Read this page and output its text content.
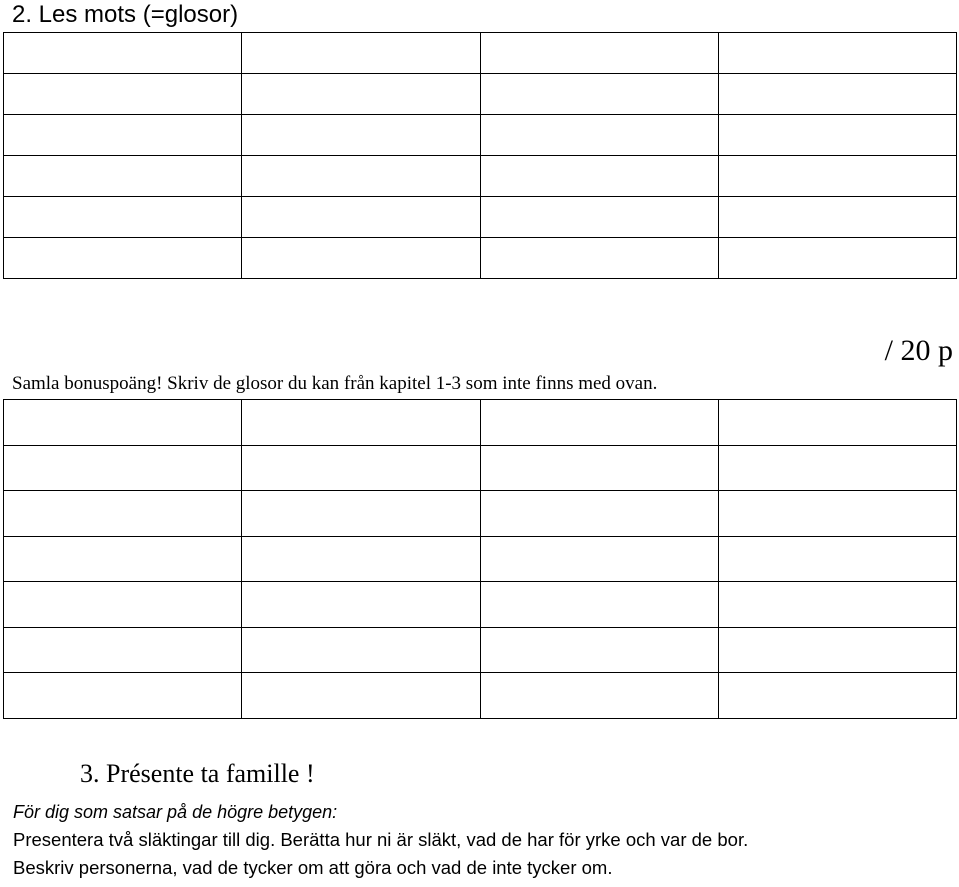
2. Les mots (=glosor)

/ 20 p
Samla bonuspoäng! Skriv de glosor du kan från kapitel 1-3 som inte finns med ovan.

3. Présente ta famille !
För dig som satsar på de högre betygen:
Presentera två släktingar till dig. Berätta hur ni är släkt, vad de har för yrke och var de bor.
Beskriv personerna, vad de tycker om att göra och vad de inte tycker om.
